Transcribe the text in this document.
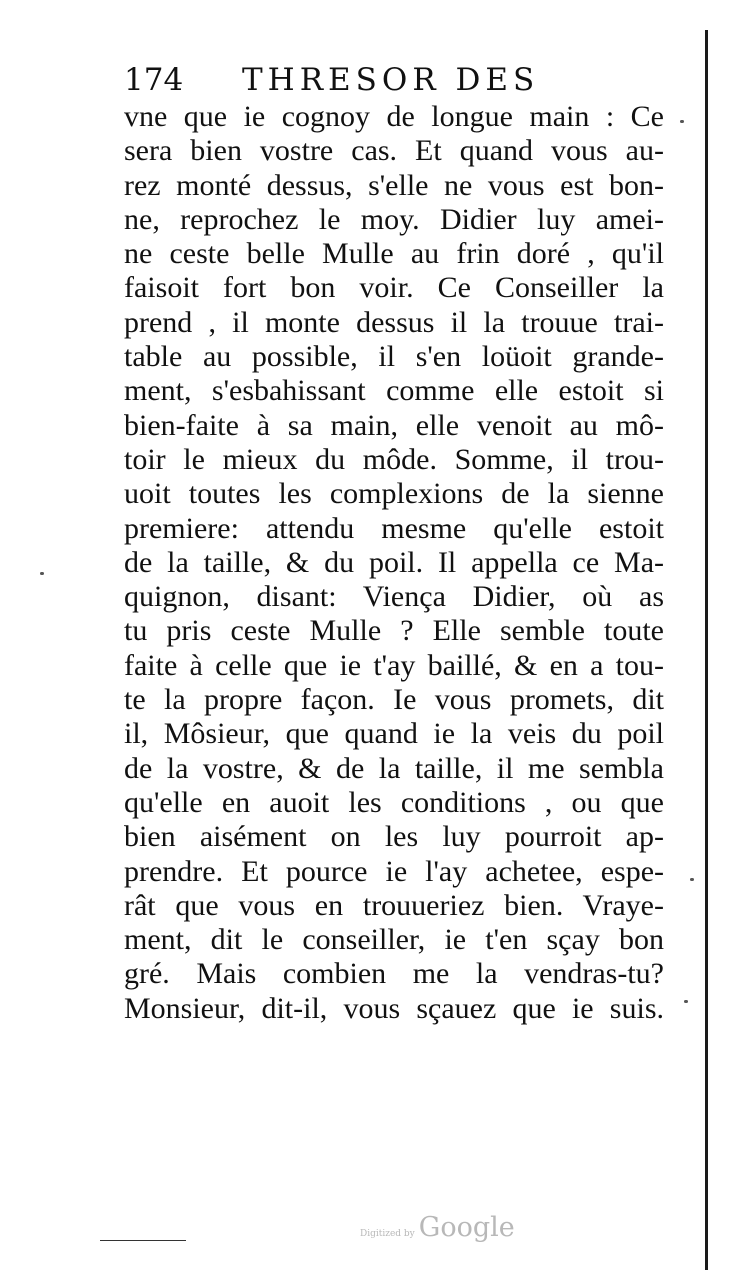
174 THRESOR DES
vne que ie cognoy de longue main : Ce
sera bien vostre cas. Et quand vous au-
rez monté dessus, s'elle ne vous est bon-
ne, reprochez le moy. Didier luy amei-
ne ceste belle Mulle au frin doré , qu'il
faisoit fort bon voir. Ce Conseiller la
prend , il monte dessus il la trouue trai-
table au possible, il s'en loüoit grande-
ment, s'esbahissant comme elle estoit si
bien-faite à sa main, elle venoit au mô-
toir le mieux du môde. Somme, il trou-
uoit toutes les complexions de la sienne
premiere: attendu mesme qu'elle estoit
de la taille, & du poil. Il appella ce Ma-
quignon, disant: Viença Didier, où as
tu pris ceste Mulle ? Elle semble toute
faite à celle que ie t'ay baillé, & en a tou-
te la propre façon. Ie vous promets, dit
il, Môsieur, que quand ie la veis du poil
de la vostre, & de la taille, il me sembla
qu'elle en auoit les conditions , ou que
bien aisément on les luy pourroit ap-
prendre. Et pource ie l'ay achetee, espe-
rât que vous en trouueriez bien. Vraye-
ment, dit le conseiller, ie t'en sçay bon
gré. Mais combien me la vendras-tu?
Monsieur, dit-il, vous sçauez que ie suis.
Digitized by Google
